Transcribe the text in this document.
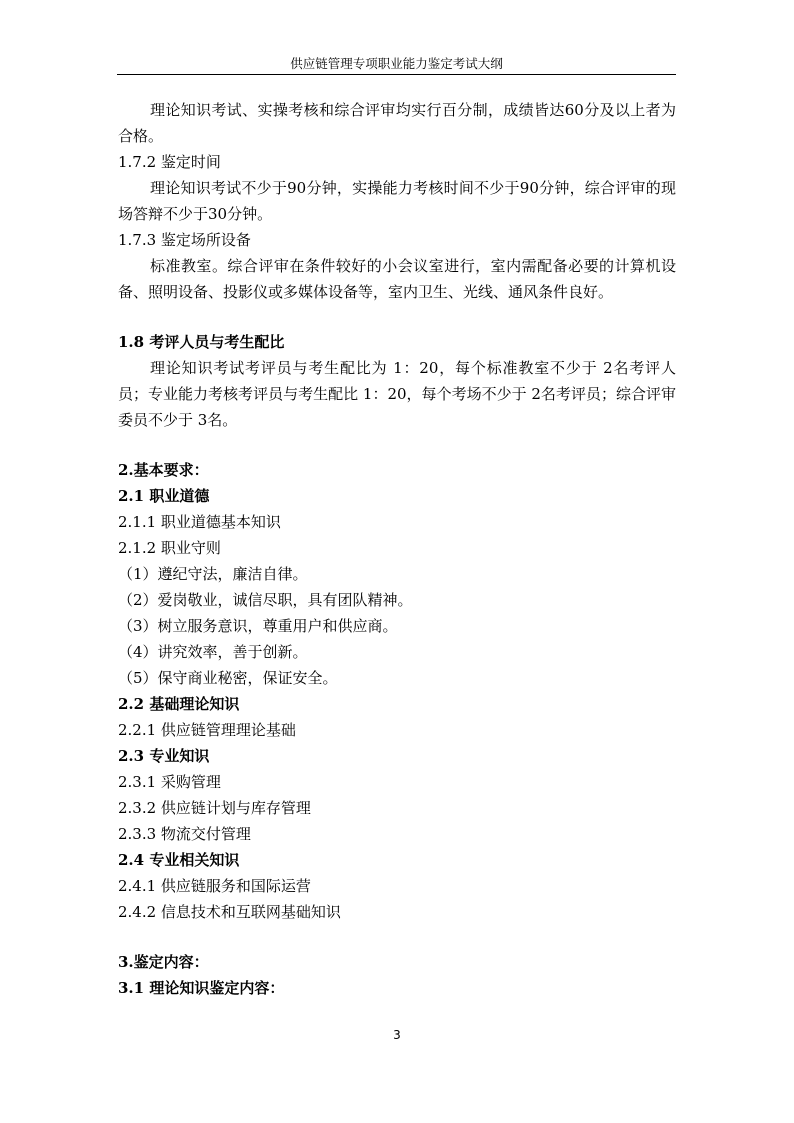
供应链管理专项职业能力鉴定考试大纲

理论知识考试、实操考核和综合评审均实行百分制，成绩皆达60分及以上者为合格。

1.7.2 鉴定时间

理论知识考试不少于90分钟，实操能力考核时间不少于90分钟，综合评审的现场答辩不少于30分钟。

1.7.3 鉴定场所设备

标准教室。综合评审在条件较好的小会议室进行，室内需配备必要的计算机设备、照明设备、投影仪或多媒体设备等，室内卫生、光线、通风条件良好。

1.8 考评人员与考生配比

理论知识考试考评员与考生配比为 1：20，每个标准教室不少于 2名考评人员；专业能力考核考评员与考生配比 1：20，每个考场不少于 2名考评员；综合评审委员不少于 3名。

2.基本要求：
2.1 职业道德
2.1.1 职业道德基本知识
2.1.2 职业守则
（1）遵纪守法，廉洁自律。
（2）爱岗敬业，诚信尽职，具有团队精神。
（3）树立服务意识，尊重用户和供应商。
（4）讲究效率，善于创新。
（5）保守商业秘密，保证安全。
2.2 基础理论知识
2.2.1 供应链管理理论基础
2.3 专业知识
2.3.1 采购管理
2.3.2 供应链计划与库存管理
2.3.3 物流交付管理
2.4 专业相关知识
2.4.1 供应链服务和国际运营
2.4.2 信息技术和互联网基础知识
3.鉴定内容：
3.1 理论知识鉴定内容：
3
